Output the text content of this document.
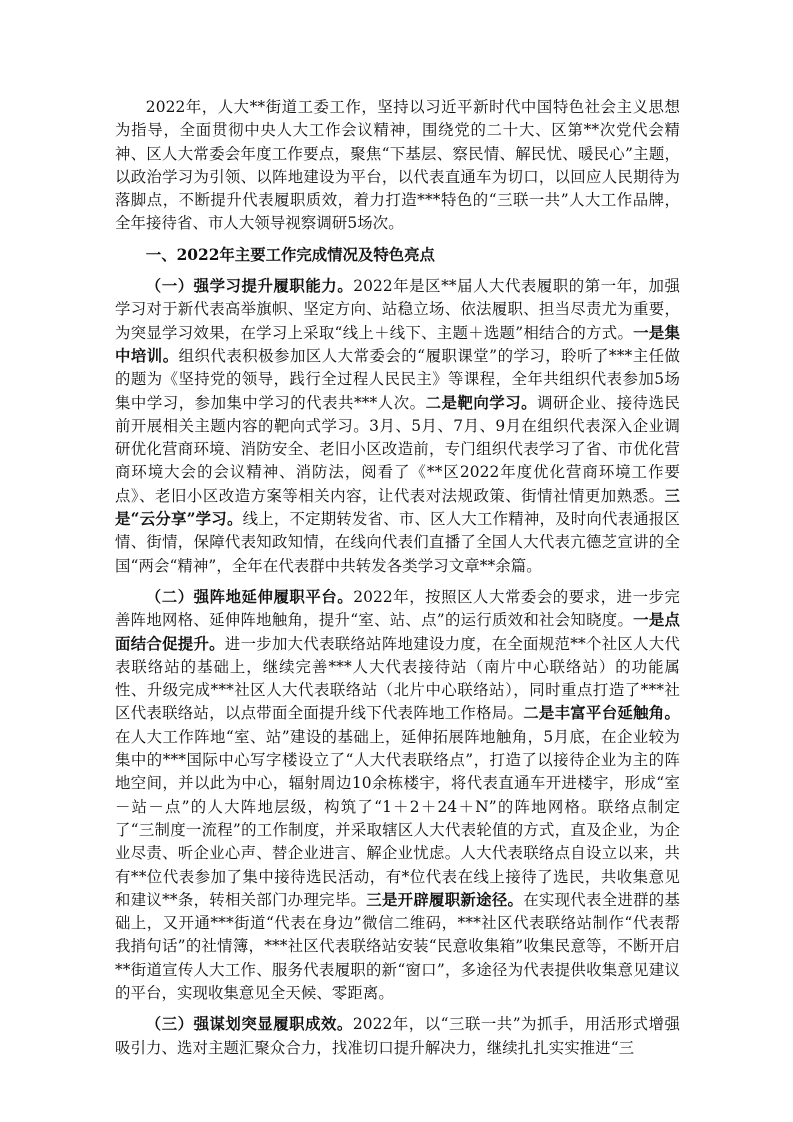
2022年，人大**街道工委工作，坚持以习近平新时代中国特色社会主义思想为指导，全面贯彻中央人大工作会议精神，围绕党的二十大、区第**次党代会精神、区人大常委会年度工作要点，聚焦“下基层、察民情、解民忧、暖民心”主题，以政治学习为引领、以阵地建设为平台，以代表直通车为切口，以回应人民期待为落脚点，不断提升代表履职质效，着力打造***特色的“三联一共”人大工作品牌，全年接待省、市人大领导视察调研5场次。

一、2022年主要工作完成情况及特色亮点

（一）强学习提升履职能力。2022年是区**届人大代表履职的第一年，加强学习对于新代表高举旗帜、坚定方向、站稳立场、依法履职、担当尽责尤为重要，为突显学习效果，在学习上采取“线上＋线下、主题＋选题”相结合的方式。一是集中培训。组织代表积极参加区人大常委会的“履职课堂”的学习，聆听了***主任做的题为《坚持党的领导，践行全过程人民民主》等课程，全年共组织代表参加5场集中学习，参加集中学习的代表共***人次。二是靶向学习。调研企业、接待选民前开展相关主题内容的靶向式学习。3月、5月、7月、9月在组织代表深入企业调研优化营商环境、消防安全、老旧小区改造前，专门组织代表学习了省、市优化营商环境大会的会议精神、消防法，阅看了《**区2022年度优化营商环境工作要点》、老旧小区改造方案等相关内容，让代表对法规政策、街情社情更加熟悉。三是“云分享”学习。线上，不定期转发省、市、区人大工作精神，及时向代表通报区情、街情，保障代表知政知情，在线向代表们直播了全国人大代表亢德芝宣讲的全国“两会“精神”，全年在代表群中共转发各类学习文章**余篇。

（二）强阵地延伸履职平台。2022年，按照区人大常委会的要求，进一步完善阵地网格、延伸阵地触角，提升“室、站、点”的运行质效和社会知晓度。一是点面结合促提升。进一步加大代表联络站阵地建设力度，在全面规范**个社区人大代表联络站的基础上，继续完善***人大代表接待站（南片中心联络站）的功能属性、升级完成***社区人大代表联络站（北片中心联络站），同时重点打造了***社区代表联络站，以点带面全面提升线下代表阵地工作格局。二是丰富平台延触角。在人大工作阵地“室、站”建设的基础上，延伸拓展阵地触角，5月底，在企业较为集中的***国际中心写字楼设立了“人大代表联络点”，打造了以接待企业为主的阵地空间，并以此为中心，辐射周边10余栋楼宇，将代表直通车开进楼宇，形成“室－站－点”的人大阵地层级，构筑了“1＋2＋24＋N”的阵地网格。联络点制定了“三制度一流程”的工作制度，并采取辖区人大代表轮值的方式，直及企业，为企业尽责、听企业心声、替企业进言、解企业忧虑。人大代表联络点自设立以来，共有**位代表参加了集中接待选民活动，有*位代表在线上接待了选民，共收集意见和建议**条，转相关部门办理完毕。三是开辟履职新途径。在实现代表全进群的基础上，又开通***街道“代表在身边”微信二维码，***社区代表联络站制作“代表帮我捎句话”的社情簿，***社区代表联络站安装“民意收集箱”收集民意等，不断开启**街道宣传人大工作、服务代表履职的新“窗口”，多途径为代表提供收集意见建议的平台，实现收集意见全天候、零距离。

（三）强谋划突显履职成效。2022年，以“三联一共”为抓手，用活形式增强吸引力、选对主题汇聚众合力，找准切口提升解决力，继续扎扎实实推进“三
